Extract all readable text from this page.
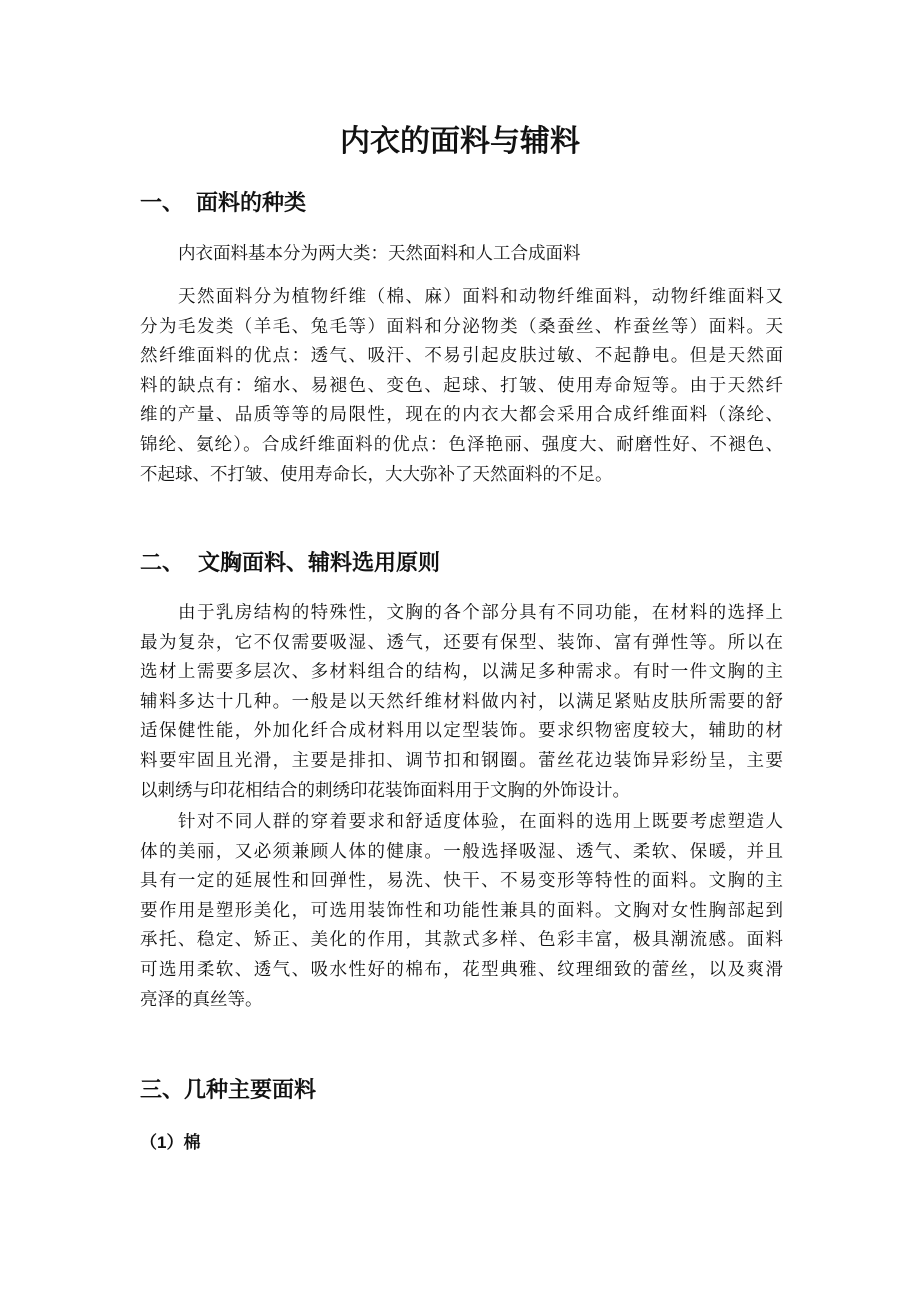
内衣的面料与辅料
一、 面料的种类
内衣面料基本分为两大类：天然面料和人工合成面料
天然面料分为植物纤维（棉、麻）面料和动物纤维面料，动物纤维面料又
分为毛发类（羊毛、兔毛等）面料和分泌物类（桑蚕丝、柞蚕丝等）面料。天
然纤维面料的优点：透气、吸汗、不易引起皮肤过敏、不起静电。但是天然面
料的缺点有：缩水、易褪色、变色、起球、打皱、使用寿命短等。由于天然纤
维的产量、品质等等的局限性，现在的内衣大都会采用合成纤维面料（涤纶、
锦纶、氨纶）。合成纤维面料的优点：色泽艳丽、强度大、耐磨性好、不褪色、
不起球、不打皱、使用寿命长，大大弥补了天然面料的不足。
二、 文胸面料、辅料选用原则
由于乳房结构的特殊性，文胸的各个部分具有不同功能，在材料的选择上
最为复杂，它不仅需要吸湿、透气，还要有保型、装饰、富有弹性等。所以在
选材上需要多层次、多材料组合的结构，以满足多种需求。有时一件文胸的主
辅料多达十几种。一般是以天然纤维材料做内衬，以满足紧贴皮肤所需要的舒
适保健性能，外加化纤合成材料用以定型装饰。要求织物密度较大，辅助的材
料要牢固且光滑，主要是排扣、调节扣和钢圈。蕾丝花边装饰异彩纷呈，主要
以刺绣与印花相结合的刺绣印花装饰面料用于文胸的外饰设计。
针对不同人群的穿着要求和舒适度体验，在面料的选用上既要考虑塑造人
体的美丽，又必须兼顾人体的健康。一般选择吸湿、透气、柔软、保暖，并且
具有一定的延展性和回弹性，易洗、快干、不易变形等特性的面料。文胸的主
要作用是塑形美化，可选用装饰性和功能性兼具的面料。文胸对女性胸部起到
承托、稳定、矫正、美化的作用，其款式多样、色彩丰富，极具潮流感。面料
可选用柔软、透气、吸水性好的棉布，花型典雅、纹理细致的蕾丝，以及爽滑
亮泽的真丝等。
三、几种主要面料
（1）棉
